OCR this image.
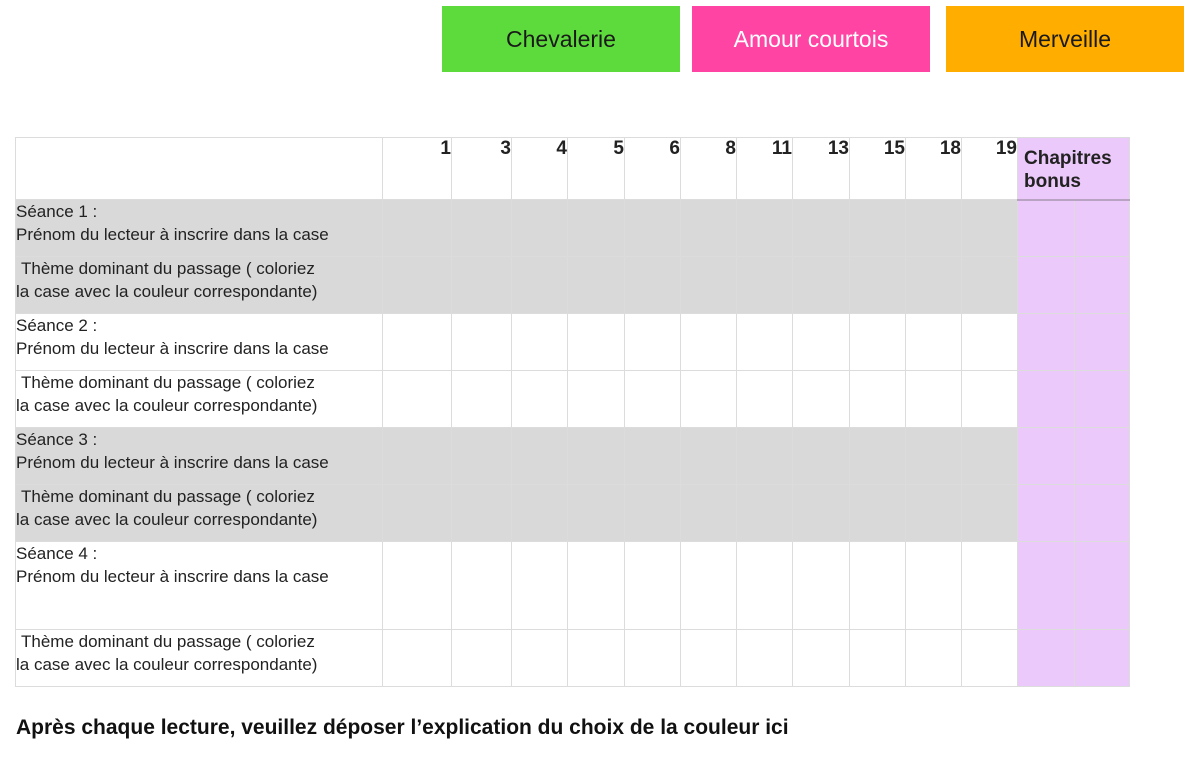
Chevalerie	Amour courtois	Merveille
	1	3	4	5	6	8	11	13	15	18	19	Chapitres bonus	

Séance 1 :
Prénom du lecteur à inscrire dans la case													

Thème dominant du passage ( coloriez
la case avec la couleur correspondante)													

Séance 2 :
Prénom du lecteur à inscrire dans la case													

Thème dominant du passage ( coloriez
la case avec la couleur correspondante)													

Séance 3 :
Prénom du lecteur à inscrire dans la case													

Thème dominant du passage ( coloriez
la case avec la couleur correspondante)													

Séance 4 :
Prénom du lecteur à inscrire dans la case													

Thème dominant du passage ( coloriez
la case avec la couleur correspondante)													

Après chaque lecture, veuillez déposer l’explication du choix de la couleur ici
